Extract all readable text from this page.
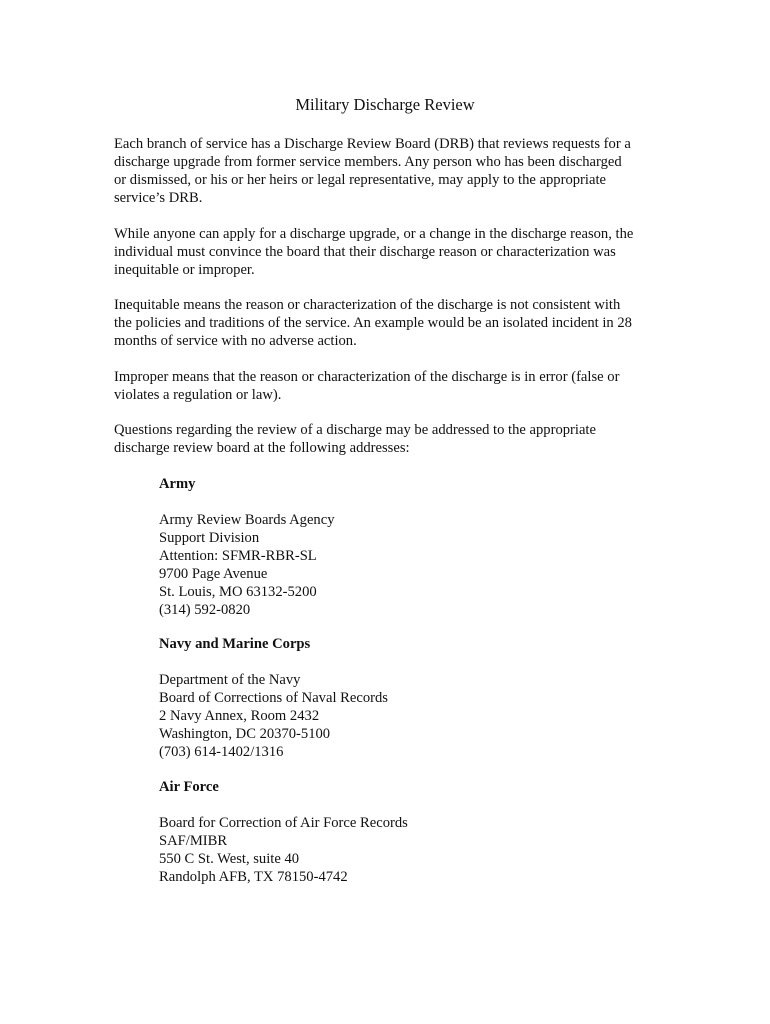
Military Discharge Review

Each branch of service has a Discharge Review Board (DRB) that reviews requests for a
discharge upgrade from former service members. Any person who has been discharged
or dismissed, or his or her heirs or legal representative, may apply to the appropriate
service’s DRB.

While anyone can apply for a discharge upgrade, or a change in the discharge reason, the
individual must convince the board that their discharge reason or characterization was
inequitable or improper.

Inequitable means the reason or characterization of the discharge is not consistent with
the policies and traditions of the service. An example would be an isolated incident in 28
months of service with no adverse action.

Improper means that the reason or characterization of the discharge is in error (false or
violates a regulation or law).

Questions regarding the review of a discharge may be addressed to the appropriate
discharge review board at the following addresses:

Army
Army Review Boards Agency
Support Division
Attention: SFMR-RBR-SL
9700 Page Avenue
St. Louis, MO 63132-5200
(314) 592-0820
Navy and Marine Corps
Department of the Navy
Board of Corrections of Naval Records
2 Navy Annex, Room 2432
Washington, DC 20370-5100
(703) 614-1402/1316
Air Force
Board for Correction of Air Force Records
SAF/MIBR
550 C St. West, suite 40
Randolph AFB, TX 78150-4742
